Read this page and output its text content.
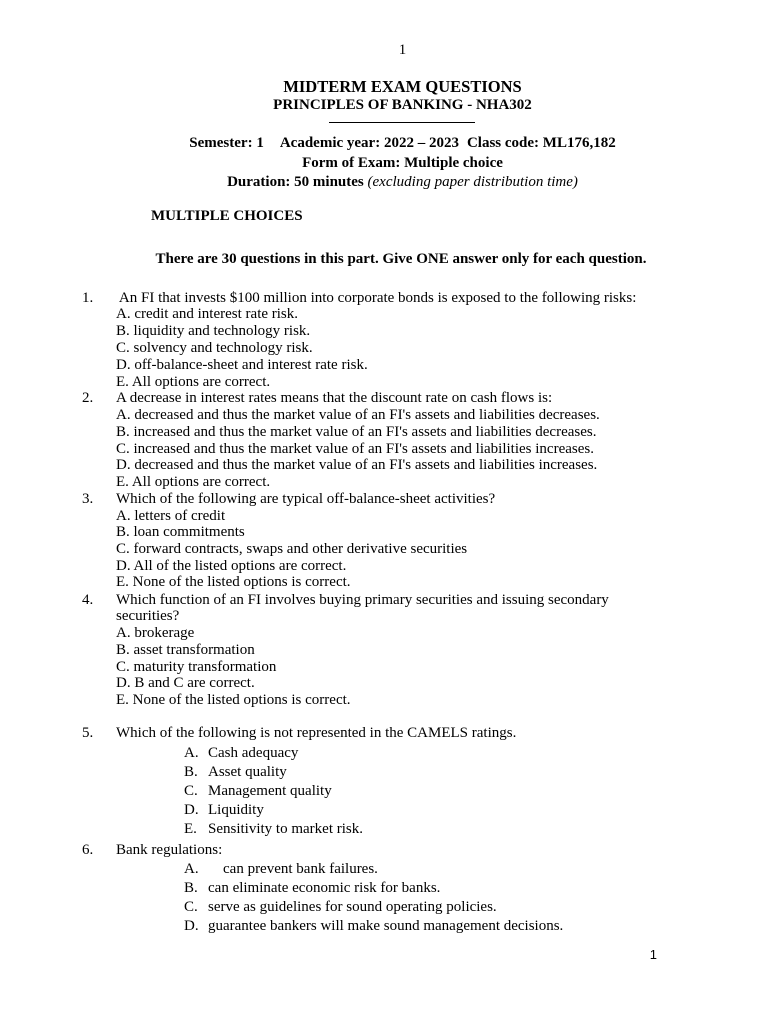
1
MIDTERM EXAM QUESTIONS
PRINCIPLES OF BANKING - NHA302
Semester: 1 Academic year: 2022 – 2023 Class code: ML176,182
Form of Exam: Multiple choice
Duration: 50 minutes (excluding paper distribution time)
MULTIPLE CHOICES
There are 30 questions in this part. Give ONE answer only for each question.
1. An FI that invests $100 million into corporate bonds is exposed to the following risks:
A. credit and interest rate risk.
B. liquidity and technology risk.
C. solvency and technology risk.
D. off-balance-sheet and interest rate risk.
E. All options are correct.
2. A decrease in interest rates means that the discount rate on cash flows is:
A. decreased and thus the market value of an FI's assets and liabilities decreases.
B. increased and thus the market value of an FI's assets and liabilities decreases.
C. increased and thus the market value of an FI's assets and liabilities increases.
D. decreased and thus the market value of an FI's assets and liabilities increases.
E. All options are correct.
3. Which of the following are typical off-balance-sheet activities?
A. letters of credit
B. loan commitments
C. forward contracts, swaps and other derivative securities
D. All of the listed options are correct.
E. None of the listed options is correct.
4. Which function of an FI involves buying primary securities and issuing secondary
securities?
A. brokerage
B. asset transformation
C. maturity transformation
D. B and C are correct.
E. None of the listed options is correct.
5. Which of the following is not represented in the CAMELS ratings.
A. Cash adequacy
B. Asset quality
C. Management quality
D. Liquidity
E. Sensitivity to market risk.
6. Bank regulations:
A.    can prevent bank failures.
B. can eliminate economic risk for banks.
C. serve as guidelines for sound operating policies.
D. guarantee bankers will make sound management decisions.
1
